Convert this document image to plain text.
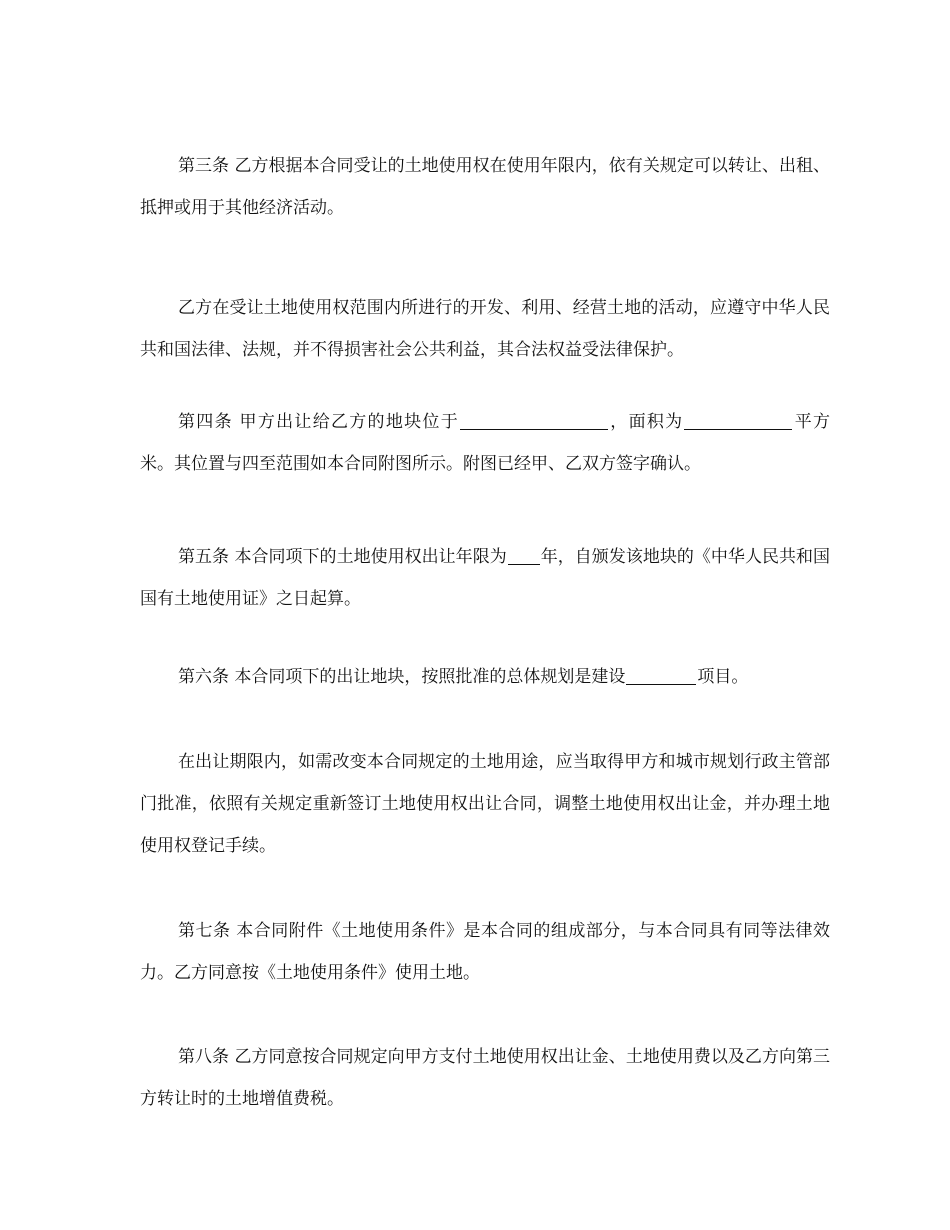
第三条 乙方根据本合同受让的土地使用权在使用年限内，依有关规定可以转让、出租、抵押或用于其他经济活动。

乙方在受让土地使用权范围内所进行的开发、利用、经营土地的活动，应遵守中华人民共和国法律、法规，并不得损害社会公共利益，其合法权益受法律保护。

第四条 甲方出让给乙方的地块位于	，面积为	平方米。其位置与四至范围如本合同附图所示。附图已经甲、乙双方签字确认。

第五条 本合同项下的土地使用权出让年限为 年，自颁发该地块的《中华人民共和国国有土地使用证》之日起算。

第六条 本合同项下的出让地块，按照批准的总体规划是建设	项目。

在出让期限内，如需改变本合同规定的土地用途，应当取得甲方和城市规划行政主管部门批准，依照有关规定重新签订土地使用权出让合同，调整土地使用权出让金，并办理土地使用权登记手续。

第七条 本合同附件《土地使用条件》是本合同的组成部分，与本合同具有同等法律效力。乙方同意按《土地使用条件》使用土地。

第八条 乙方同意按合同规定向甲方支付土地使用权出让金、土地使用费以及乙方向第三方转让时的土地增值费税。
